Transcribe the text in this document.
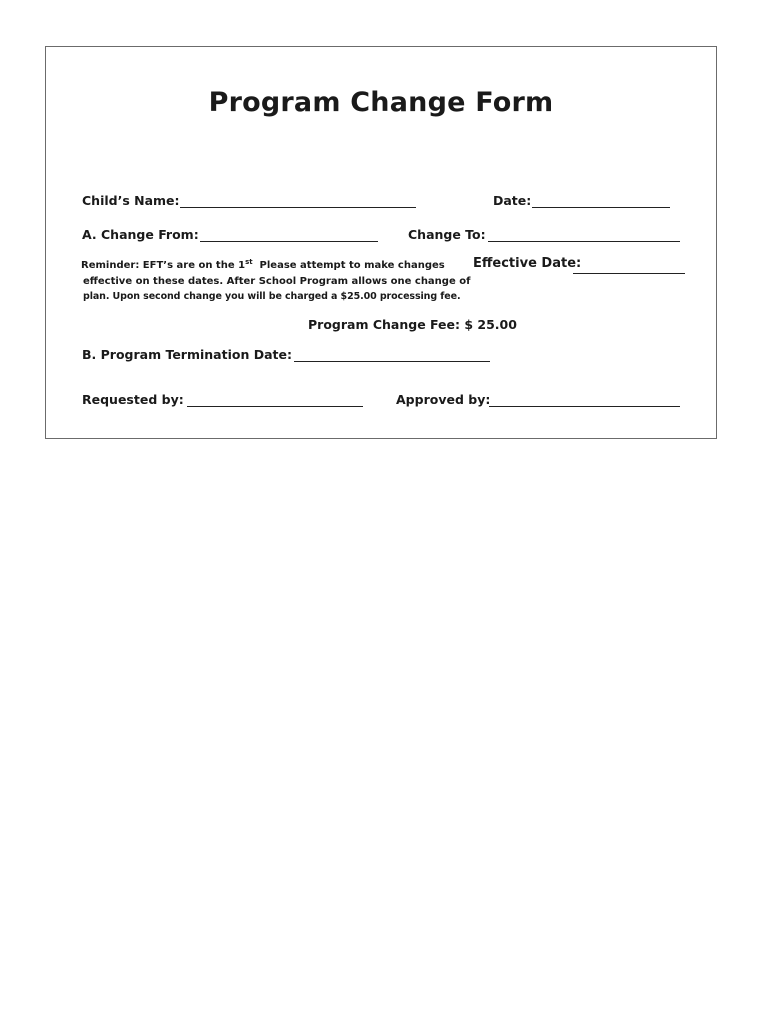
Program Change Form
Child’s Name:	Date:
A. Change From:	Change To:
Reminder: EFT’s are on the 1st Please attempt to make changes
effective on these dates. After School Program allows one change of
plan. Upon second change you will be charged a $25.00 processing fee.
Effective Date:
Program Change Fee: $ 25.00
B. Program Termination Date:
Requested by:	Approved by:
